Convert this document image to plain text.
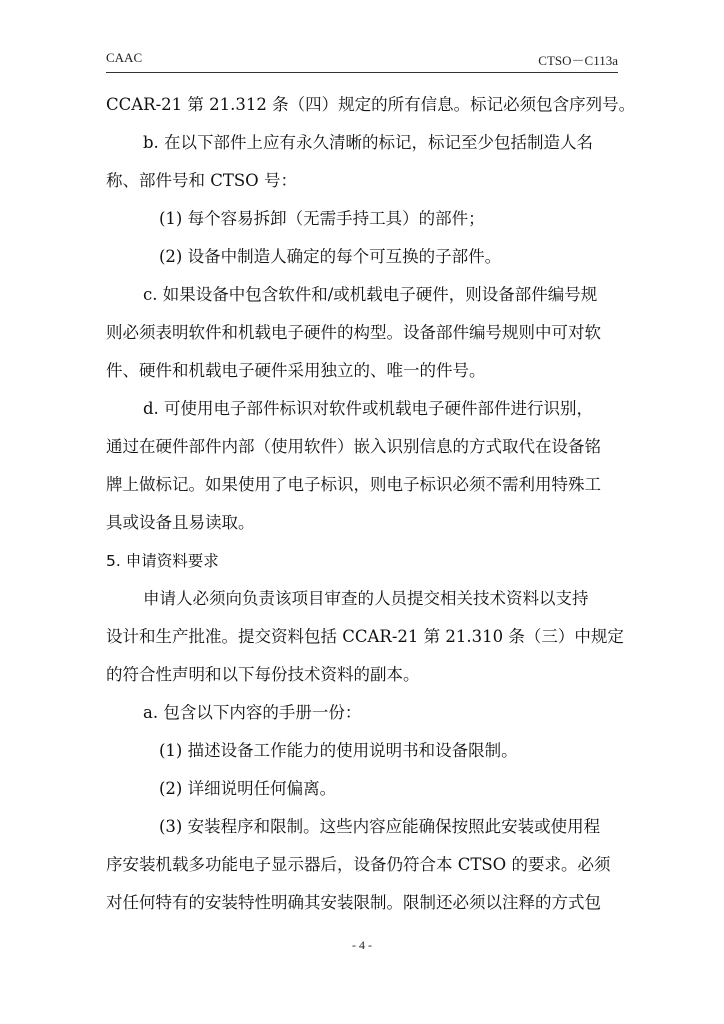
CAAC	CTSO－C113a
CCAR-21 第 21.312 条（四）规定的所有信息。标记必须包含序列号。
b. 在以下部件上应有永久清晰的标记，标记至少包括制造人名
称、部件号和 CTSO 号：
(1) 每个容易拆卸（无需手持工具）的部件；
(2) 设备中制造人确定的每个可互换的子部件。
c. 如果设备中包含软件和/或机载电子硬件，则设备部件编号规
则必须表明软件和机载电子硬件的构型。设备部件编号规则中可对软
件、硬件和机载电子硬件采用独立的、唯一的件号。
d. 可使用电子部件标识对软件或机载电子硬件部件进行识别，
通过在硬件部件内部（使用软件）嵌入识别信息的方式取代在设备铭
牌上做标记。如果使用了电子标识，则电子标识必须不需利用特殊工
具或设备且易读取。
5. 申请资料要求
申请人必须向负责该项目审查的人员提交相关技术资料以支持
设计和生产批准。提交资料包括 CCAR-21 第 21.310 条（三）中规定
的符合性声明和以下每份技术资料的副本。
a. 包含以下内容的手册一份：
(1) 描述设备工作能力的使用说明书和设备限制。
(2) 详细说明任何偏离。
(3) 安装程序和限制。这些内容应能确保按照此安装或使用程
序安装机载多功能电子显示器后，设备仍符合本 CTSO 的要求。必须
对任何特有的安装特性明确其安装限制。限制还必须以注释的方式包
- 4 -
